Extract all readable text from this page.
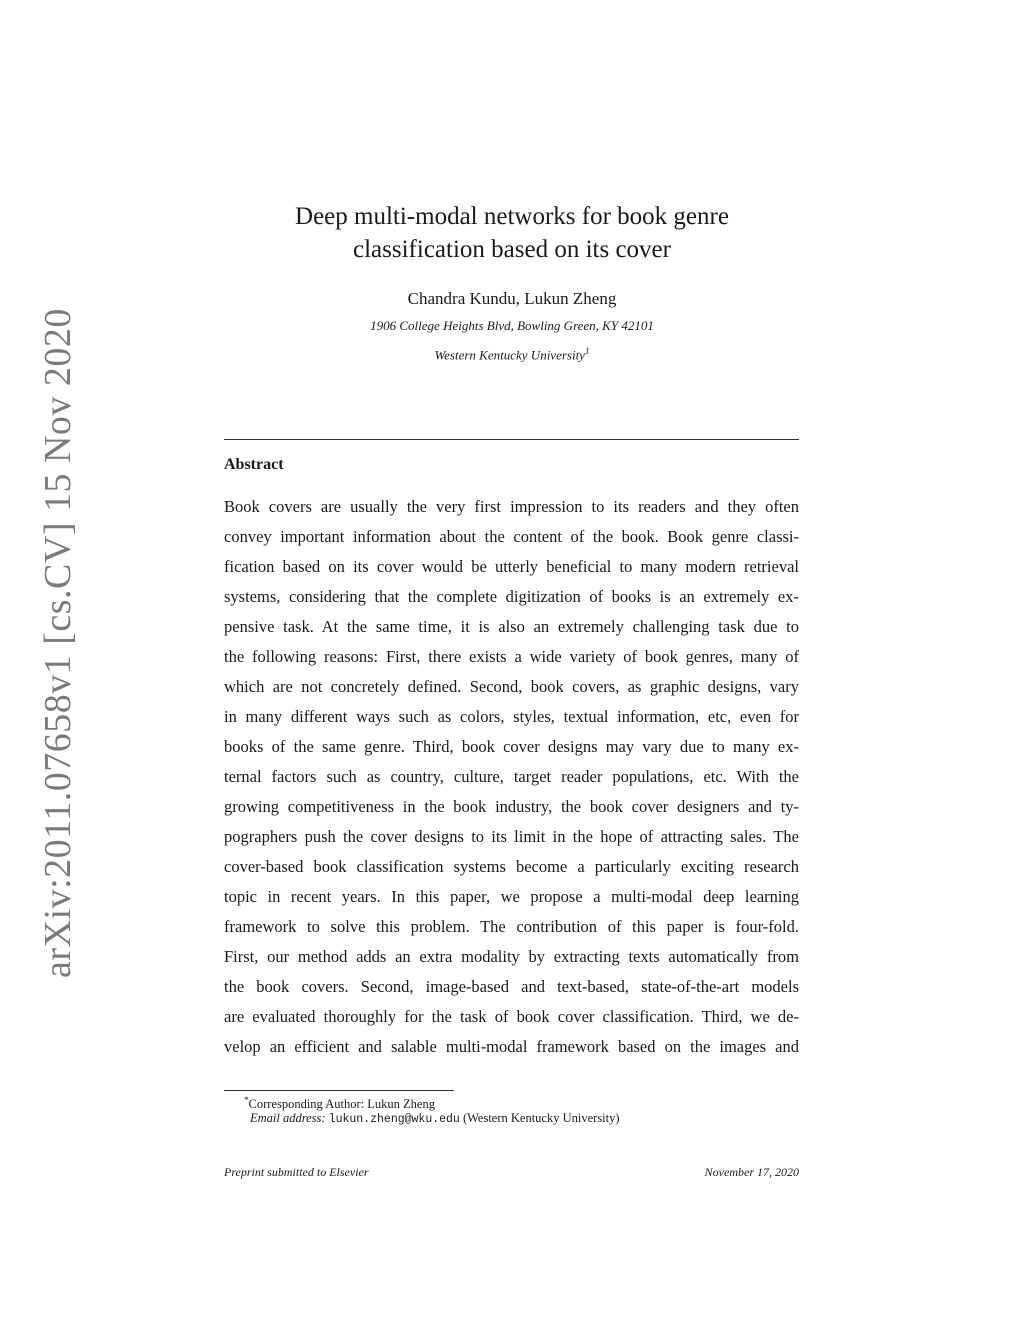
arXiv:2011.07658v1 [cs.CV] 15 Nov 2020
Deep multi-modal networks for book genre
classification based on its cover
Chandra Kundu, Lukun Zheng
1906 College Heights Blvd, Bowling Green, KY 42101
Western Kentucky University$^1$
Abstract
Book covers are usually the very first impression to its readers and they often
convey important information about the content of the book. Book genre classi-
fication based on its cover would be utterly beneficial to many modern retrieval
systems, considering that the complete digitization of books is an extremely ex-
pensive task. At the same time, it is also an extremely challenging task due to
the following reasons: First, there exists a wide variety of book genres, many of
which are not concretely defined. Second, book covers, as graphic designs, vary
in many different ways such as colors, styles, textual information, etc, even for
books of the same genre. Third, book cover designs may vary due to many ex-
ternal factors such as country, culture, target reader populations, etc. With the
growing competitiveness in the book industry, the book cover designers and ty-
pographers push the cover designs to its limit in the hope of attracting sales. The
cover-based book classification systems become a particularly exciting research
topic in recent years. In this paper, we propose a multi-modal deep learning
framework to solve this problem. The contribution of this paper is four-fold.
First, our method adds an extra modality by extracting texts automatically from
the book covers. Second, image-based and text-based, state-of-the-art models
are evaluated thoroughly for the task of book cover classification. Third, we de-
velop an efficient and salable multi-modal framework based on the images and
*Corresponding Author: Lukun Zheng
Email address: lukun.zheng@wku.edu (Western Kentucky University)
Preprint submitted to Elsevier	November 17, 2020
